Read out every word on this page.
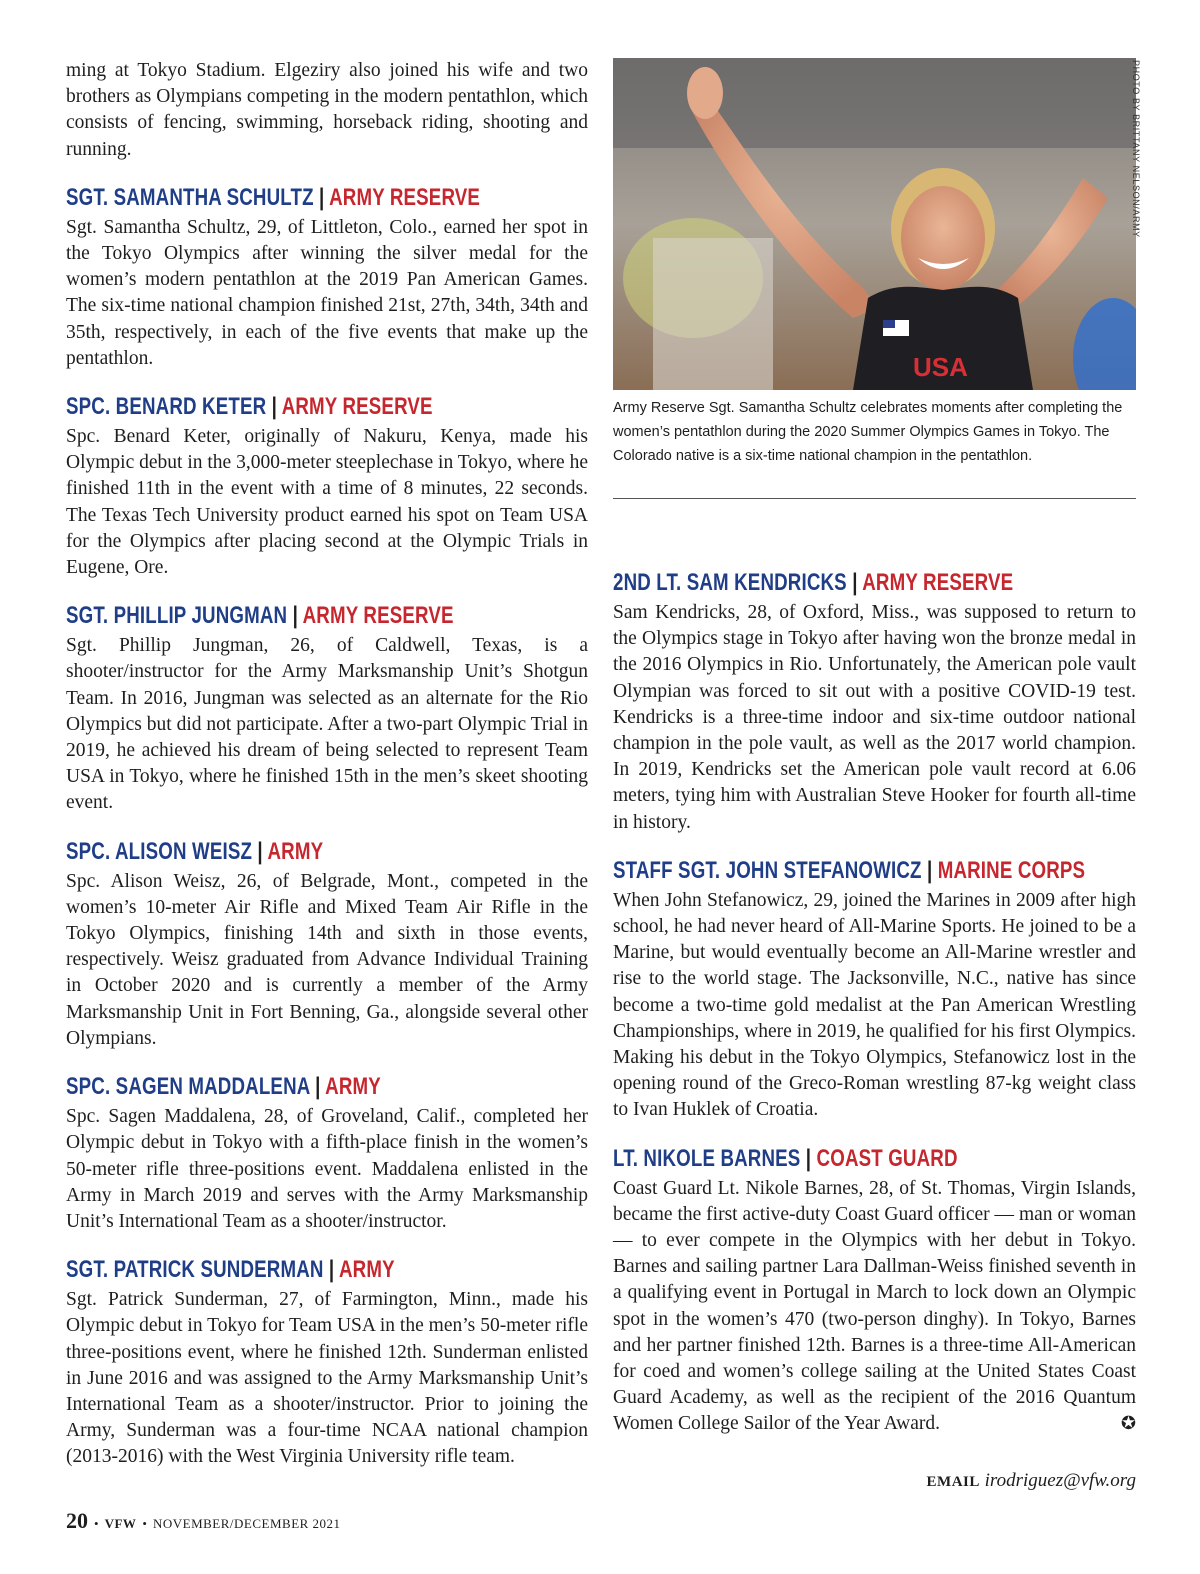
ming at Tokyo Stadium. Elgeziry also joined his wife and two brothers as Olympians competing in the modern pentathlon, which consists of fencing, swimming, horseback riding, shooting and running.

SGT. SAMANTHA SCHULTZ | ARMY RESERVE

Sgt. Samantha Schultz, 29, of Littleton, Colo., earned her spot in the Tokyo Olympics after winning the silver medal for the women’s modern pentathlon at the 2019 Pan American Games. The six-time national champion finished 21st, 27th, 34th, 34th and 35th, respectively, in each of the five events that make up the pentathlon.

SPC. BENARD KETER | ARMY RESERVE

Spc. Benard Keter, originally of Nakuru, Kenya, made his Olympic debut in the 3,000-meter steeplechase in Tokyo, where he finished 11th in the event with a time of 8 minutes, 22 seconds. The Texas Tech University product earned his spot on Team USA for the Olympics after placing second at the Olympic Trials in Eugene, Ore.

SGT. PHILLIP JUNGMAN | ARMY RESERVE

Sgt. Phillip Jungman, 26, of Caldwell, Texas, is a shooter/instructor for the Army Marksmanship Unit’s Shotgun Team. In 2016, Jungman was selected as an alternate for the Rio Olympics but did not participate. After a two-part Olympic Trial in 2019, he achieved his dream of being selected to represent Team USA in Tokyo, where he finished 15th in the men’s skeet shooting event.

SPC. ALISON WEISZ | ARMY

Spc. Alison Weisz, 26, of Belgrade, Mont., competed in the women’s 10-meter Air Rifle and Mixed Team Air Rifle in the Tokyo Olympics, finishing 14th and sixth in those events, respectively. Weisz graduated from Advance Individual Training in October 2020 and is currently a member of the Army Marksmanship Unit in Fort Benning, Ga., alongside several other Olympians.

SPC. SAGEN MADDALENA | ARMY

Spc. Sagen Maddalena, 28, of Groveland, Calif., completed her Olympic debut in Tokyo with a fifth-place finish in the women’s 50-meter rifle three-positions event. Maddalena enlisted in the Army in March 2019 and serves with the Army Marksmanship Unit’s International Team as a shooter/instructor.

SGT. PATRICK SUNDERMAN | ARMY

Sgt. Patrick Sunderman, 27, of Farmington, Minn., made his Olympic debut in Tokyo for Team USA in the men’s 50-meter rifle three-positions event, where he finished 12th. Sunderman enlisted in June 2016 and was assigned to the Army Marksmanship Unit’s International Team as a shooter/instructor. Prior to joining the Army, Sunderman was a four-time NCAA national champion (2013-2016) with the West Virginia University rifle team.

USA
PHOTO BY BRITTANY NELSON/ARMY

Army Reserve Sgt. Samantha Schultz celebrates moments after completing the women’s pentathlon during the 2020 Summer Olympics Games in Tokyo. The Colorado native is a six-time national champion in the pentathlon.

2ND LT. SAM KENDRICKS | ARMY RESERVE

Sam Kendricks, 28, of Oxford, Miss., was supposed to return to the Olympics stage in Tokyo after having won the bronze medal in the 2016 Olympics in Rio. Unfortunately, the American pole vault Olympian was forced to sit out with a positive COVID-19 test. Kendricks is a three-time indoor and six-time outdoor national champion in the pole vault, as well as the 2017 world champion. In 2019, Kendricks set the American pole vault record at 6.06 meters, tying him with Australian Steve Hooker for fourth all-time in history.

STAFF SGT. JOHN STEFANOWICZ | MARINE CORPS

When John Stefanowicz, 29, joined the Marines in 2009 after high school, he had never heard of All-Marine Sports. He joined to be a Marine, but would eventually become an All-Marine wrestler and rise to the world stage. The Jacksonville, N.C., native has since become a two-time gold medalist at the Pan American Wrestling Championships, where in 2019, he qualified for his first Olympics. Making his debut in the Tokyo Olympics, Stefanowicz lost in the opening round of the Greco-Roman wrestling 87-kg weight class to Ivan Huklek of Croatia.

LT. NIKOLE BARNES | COAST GUARD

Coast Guard Lt. Nikole Barnes, 28, of St. Thomas, Virgin Islands, became the first active-duty Coast Guard officer — man or woman — to ever compete in the Olympics with her debut in Tokyo. Barnes and sailing partner Lara Dallman-Weiss finished seventh in a qualifying event in Portugal in March to lock down an Olympic spot in the women’s 470 (two-person dinghy). In Tokyo, Barnes and her partner finished 12th. Barnes is a three-time All-American for coed and women’s college sailing at the United States Coast Guard Academy, as well as the recipient of the 2016 Quantum Women College Sailor of the Year Award.	✪

EMAIL irodriguez@vfw.org
20 • VFW • NOVEMBER/DECEMBER 2021
